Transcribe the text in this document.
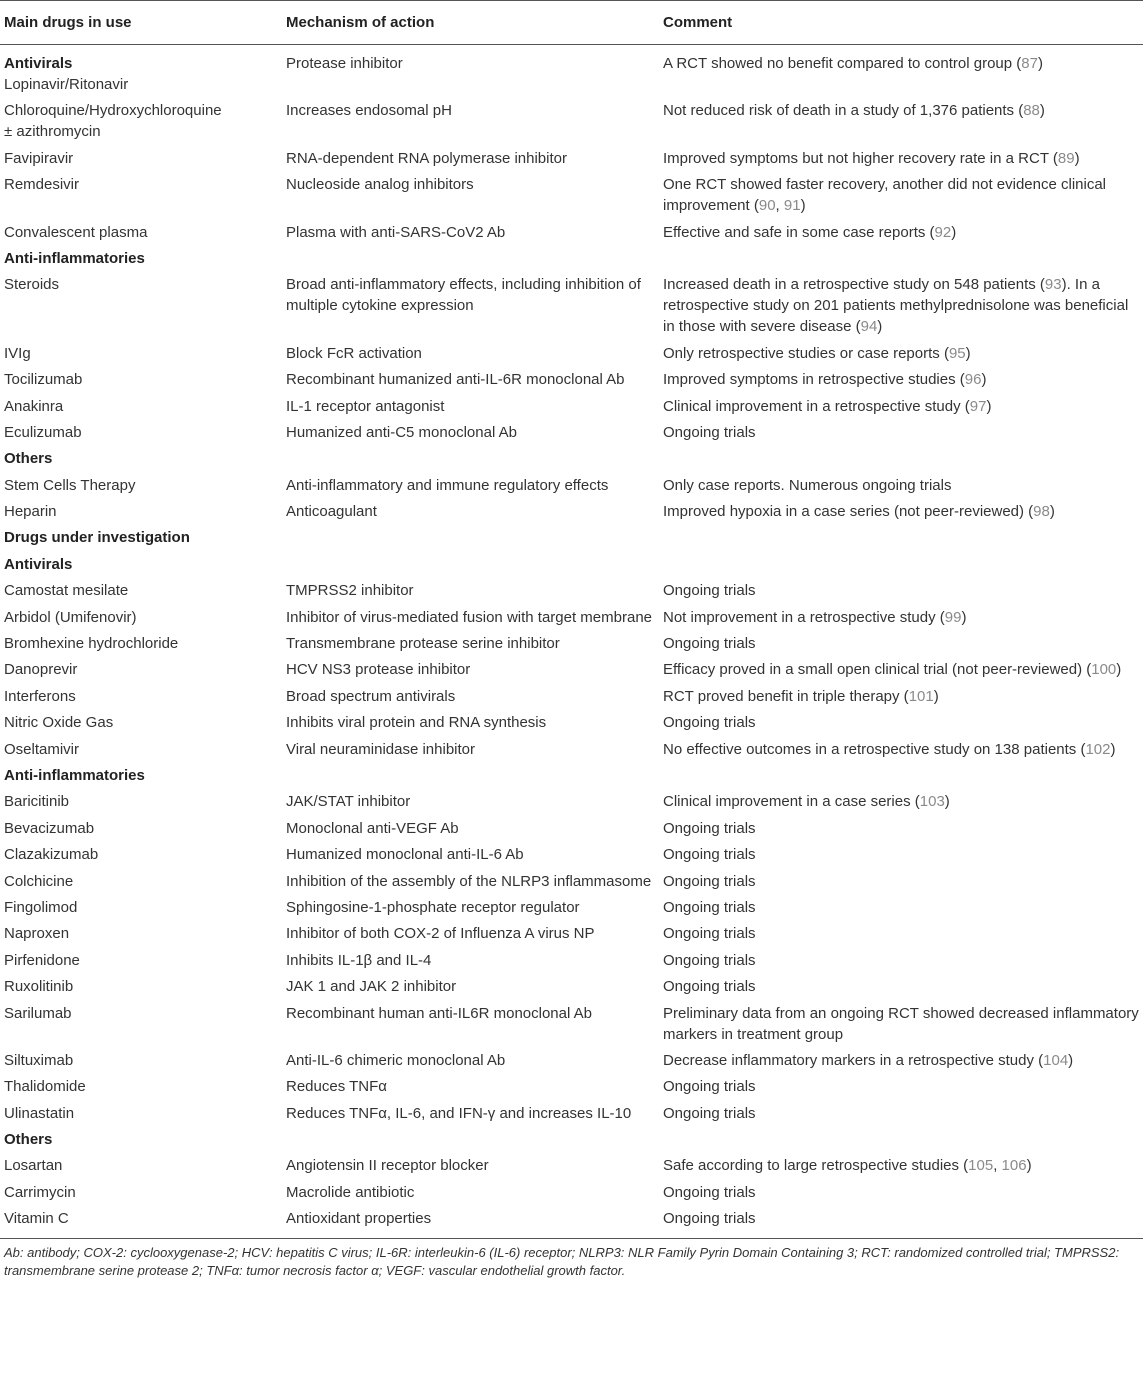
Main drugs in use	Mechanism of action	Comment
Antivirals
Lopinavir/Ritonavir	Protease inhibitor	A RCT showed no benefit compared to control group (87)
Chloroquine/Hydroxychloroquine
± azithromycin	Increases endosomal pH	Not reduced risk of death in a study of 1,376 patients (88)
Favipiravir	RNA-dependent RNA polymerase inhibitor	Improved symptoms but not higher recovery rate in a RCT (89)
Remdesivir	Nucleoside analog inhibitors	One RCT showed faster recovery, another did not evidence clinical improvement (90, 91)
Convalescent plasma	Plasma with anti-SARS-CoV2 Ab	Effective and safe in some case reports (92)
Anti-inflammatories		
Steroids	Broad anti-inflammatory effects, including inhibition of multiple cytokine expression	Increased death in a retrospective study on 548 patients (93). In a retrospective study on 201 patients methylprednisolone was beneficial in those with severe disease (94)
IVIg	Block FcR activation	Only retrospective studies or case reports (95)
Tocilizumab	Recombinant humanized anti-IL-6R monoclonal Ab	Improved symptoms in retrospective studies (96)
Anakinra	IL-1 receptor antagonist	Clinical improvement in a retrospective study (97)
Eculizumab	Humanized anti-C5 monoclonal Ab	Ongoing trials
Others		
Stem Cells Therapy	Anti-inflammatory and immune regulatory effects	Only case reports. Numerous ongoing trials
Heparin	Anticoagulant	Improved hypoxia in a case series (not peer-reviewed) (98)
Drugs under investigation		
Antivirals		
Camostat mesilate	TMPRSS2 inhibitor	Ongoing trials
Arbidol (Umifenovir)	Inhibitor of virus-mediated fusion with target membrane	Not improvement in a retrospective study (99)
Bromhexine hydrochloride	Transmembrane protease serine inhibitor	Ongoing trials
Danoprevir	HCV NS3 protease inhibitor	Efficacy proved in a small open clinical trial (not peer-reviewed) (100)
Interferons	Broad spectrum antivirals	RCT proved benefit in triple therapy (101)
Nitric Oxide Gas	Inhibits viral protein and RNA synthesis	Ongoing trials
Oseltamivir	Viral neuraminidase inhibitor	No effective outcomes in a retrospective study on 138 patients (102)
Anti-inflammatories		
Baricitinib	JAK/STAT inhibitor	Clinical improvement in a case series (103)
Bevacizumab	Monoclonal anti-VEGF Ab	Ongoing trials
Clazakizumab	Humanized monoclonal anti-IL-6 Ab	Ongoing trials
Colchicine	Inhibition of the assembly of the NLRP3 inflammasome	Ongoing trials
Fingolimod	Sphingosine-1-phosphate receptor regulator	Ongoing trials
Naproxen	Inhibitor of both COX-2 of Influenza A virus NP	Ongoing trials
Pirfenidone	Inhibits IL-1β and IL-4	Ongoing trials
Ruxolitinib	JAK 1 and JAK 2 inhibitor	Ongoing trials
Sarilumab	Recombinant human anti-IL6R monoclonal Ab	Preliminary data from an ongoing RCT showed decreased inflammatory markers in treatment group
Siltuximab	Anti-IL-6 chimeric monoclonal Ab	Decrease inflammatory markers in a retrospective study (104)
Thalidomide	Reduces TNFα	Ongoing trials
Ulinastatin	Reduces TNFα, IL-6, and IFN-γ and increases IL-10	Ongoing trials
Others		
Losartan	Angiotensin II receptor blocker	Safe according to large retrospective studies (105, 106)
Carrimycin	Macrolide antibiotic	Ongoing trials
Vitamin C	Antioxidant properties	Ongoing trials
Ab: antibody; COX-2: cyclooxygenase-2; HCV: hepatitis C virus; IL-6R: interleukin-6 (IL-6) receptor; NLRP3: NLR Family Pyrin Domain Containing 3; RCT: randomized controlled trial; TMPRSS2: transmembrane serine protease 2; TNFα: tumor necrosis factor α; VEGF: vascular endothelial growth factor.
